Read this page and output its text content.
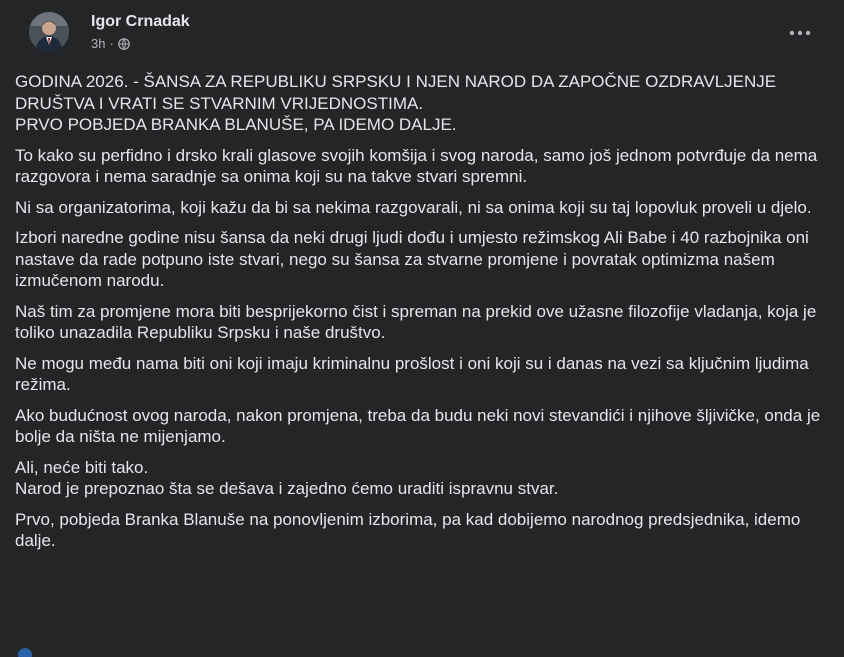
Igor Crnadak
3h ·

GODINA 2026. - ŠANSA ZA REPUBLIKU SRPSKU I NJEN NAROD DA ZAPOČNE OZDRAVLJENJE DRUŠTVA I VRATI SE STVARNIM VRIJEDNOSTIMA.
PRVO POBJEDA BRANKA BLANUŠE, PA IDEMO DALJE.

To kako su perfidno i drsko krali glasove svojih komšija i svog naroda, samo još jednom potvrđuje da nema razgovora i nema saradnje sa onima koji su na takve stvari spremni.

Ni sa organizatorima, koji kažu da bi sa nekima razgovarali, ni sa onima koji su taj lopovluk proveli u djelo.

Izbori naredne godine nisu šansa da neki drugi ljudi dođu i umjesto režimskog Ali Babe i 40 razbojnika oni nastave da rade potpuno iste stvari, nego su šansa za stvarne promjene i povratak optimizma našem izmučenom narodu.

Naš tim za promjene mora biti besprijekorno čist i spreman na prekid ove užasne filozofije vladanja, koja je toliko unazadila Republiku Srpsku i naše društvo.

Ne mogu među nama biti oni koji imaju kriminalnu prošlost i oni koji su i danas na vezi sa ključnim ljudima režima.

Ako budućnost ovog naroda, nakon promjena, treba da budu neki novi stevandići i njihove šljivičke, onda je bolje da ništa ne mijenjamo.

Ali, neće biti tako.
Narod je prepoznao šta se dešava i zajedno ćemo uraditi ispravnu stvar.

Prvo, pobjeda Branka Blanuše na ponovljenim izborima, pa kad dobijemo narodnog predsjednika, idemo dalje.
